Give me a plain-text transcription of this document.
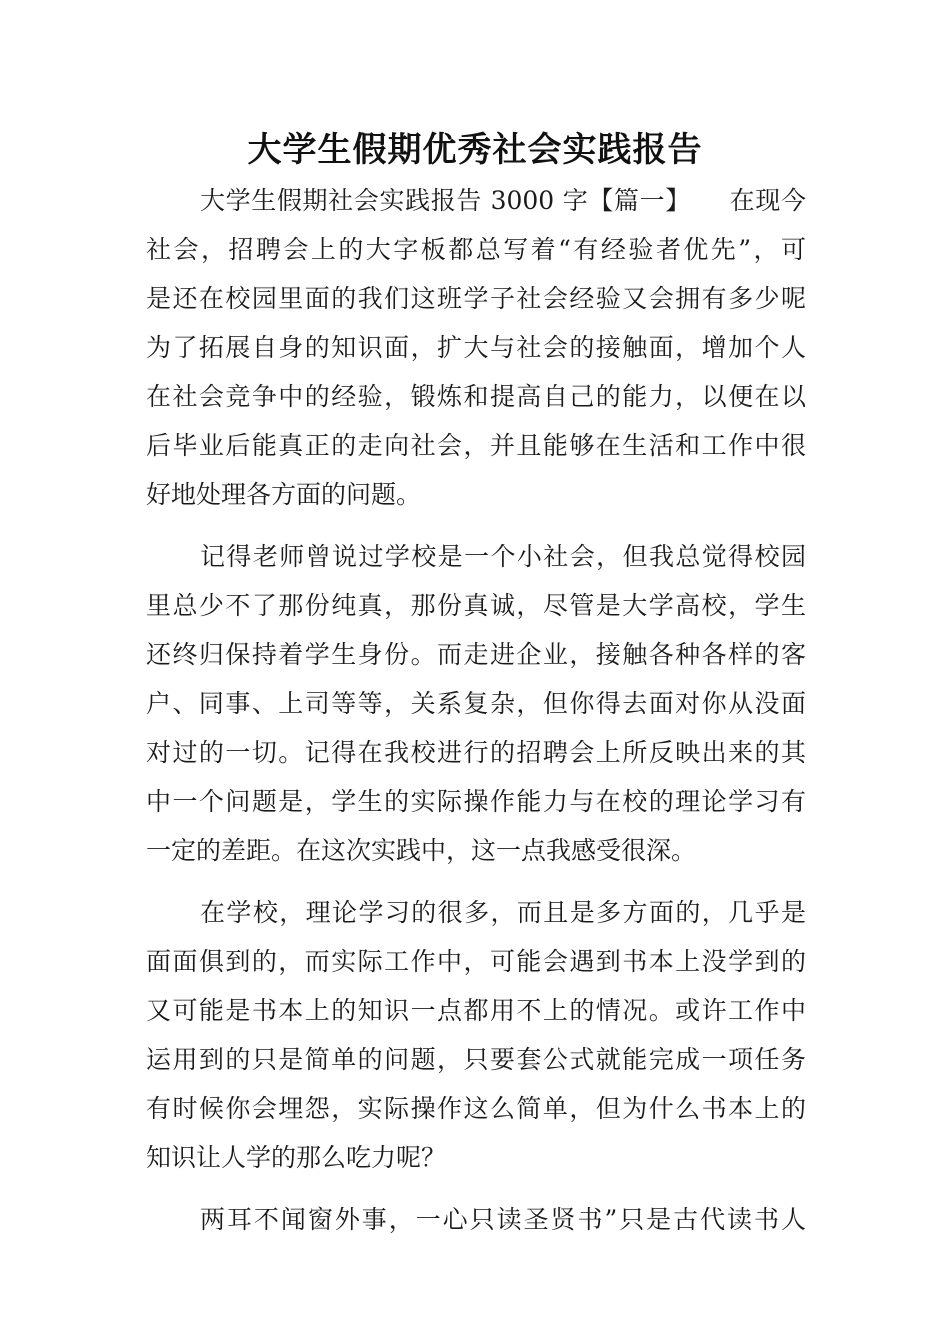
大学生假期优秀社会实践报告
大学生假期社会实践报告 3000 字【篇一】　　在现今
社会，招聘会上的大字板都总写着“有经验者优先”，可
是还在校园里面的我们这班学子社会经验又会拥有多少呢
为了拓展自身的知识面，扩大与社会的接触面，增加个人
在社会竞争中的经验，锻炼和提高自己的能力，以便在以
后毕业后能真正的走向社会，并且能够在生活和工作中很
好地处理各方面的问题。
记得老师曾说过学校是一个小社会，但我总觉得校园
里总少不了那份纯真，那份真诚，尽管是大学高校，学生
还终归保持着学生身份。而走进企业，接触各种各样的客
户、同事、上司等等，关系复杂，但你得去面对你从没面
对过的一切。记得在我校进行的招聘会上所反映出来的其
中一个问题是，学生的实际操作能力与在校的理论学习有
一定的差距。在这次实践中，这一点我感受很深。
在学校，理论学习的很多，而且是多方面的，几乎是
面面俱到的，而实际工作中，可能会遇到书本上没学到的
又可能是书本上的知识一点都用不上的情况。或许工作中
运用到的只是简单的问题，只要套公式就能完成一项任务
有时候你会埋怨，实际操作这么简单，但为什么书本上的
知识让人学的那么吃力呢？
两耳不闻窗外事，一心只读圣贤书”只是古代读书人
